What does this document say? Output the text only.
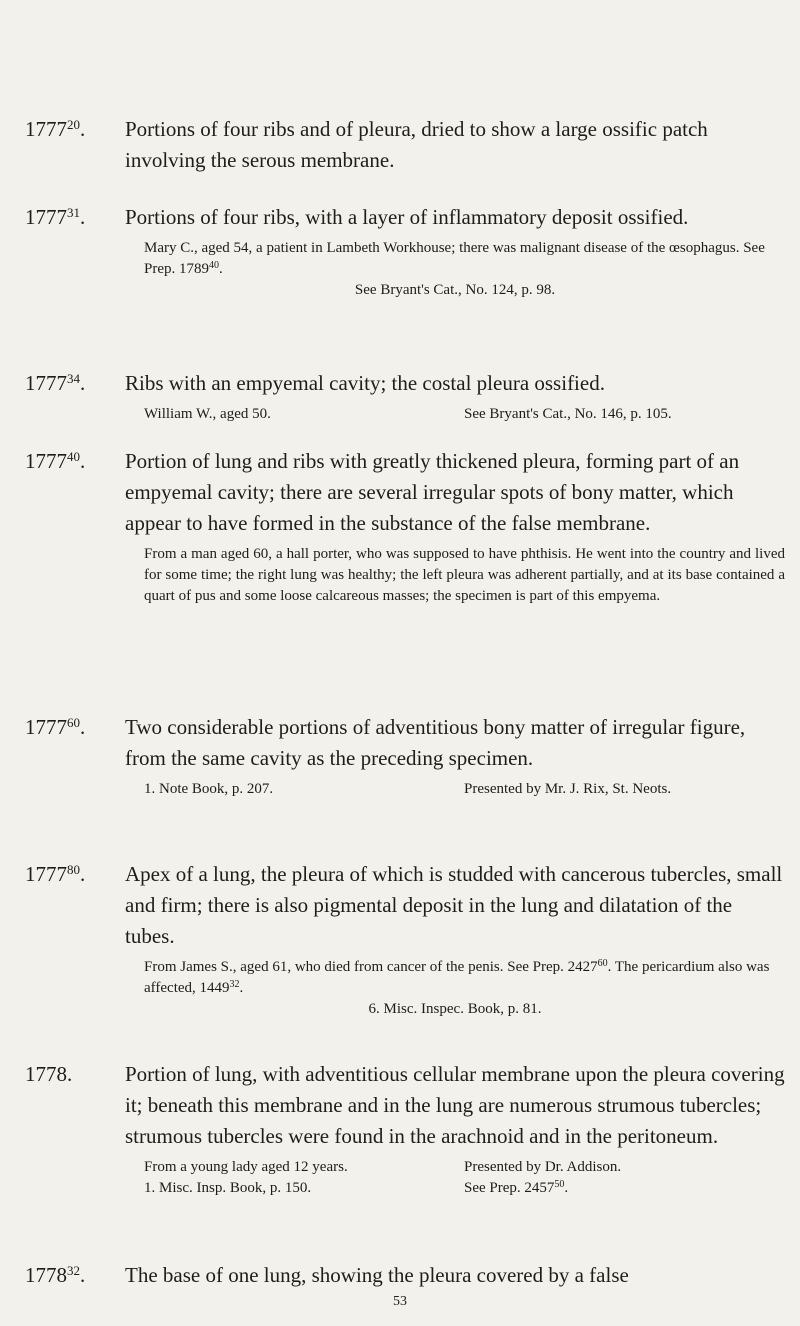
1777$^{20}$. Portions of four ribs and of pleura, dried to show a large ossific patch involving the serous membrane.

1777$^{31}$. Portions of four ribs, with a layer of inflammatory deposit ossified.

Mary C., aged 54, a patient in Lambeth Workhouse; there was malignant disease of the œsophagus. See Prep. 1789$^{40}$.
See Bryant's Cat., No. 124, p. 98.
1777$^{34}$. Ribs with an empyemal cavity; the costal pleura ossified.

William W., aged 50.	See Bryant's Cat., No. 146, p. 105.
1777$^{40}$. Portion of lung and ribs with greatly thickened pleura, forming part of an empyemal cavity; there are several irregular spots of bony matter, which appear to have formed in the substance of the false membrane.

From a man aged 60, a hall porter, who was supposed to have phthisis. He went into the country and lived for some time; the right lung was healthy; the left pleura was adherent partially, and at its base contained a quart of pus and some loose calcareous masses; the specimen is part of this empyema.
1777$^{60}$. Two considerable portions of adventitious bony matter of irregular figure, from the same cavity as the preceding specimen.

1. Note Book, p. 207.	Presented by Mr. J. Rix, St. Neots.
1777$^{80}$. Apex of a lung, the pleura of which is studded with cancerous tubercles, small and firm; there is also pigmental deposit in the lung and dilatation of the tubes.

From James S., aged 61, who died from cancer of the penis. See Prep. 2427$^{60}$. The pericardium also was affected, 1449$^{32}$.
6. Misc. Inspec. Book, p. 81.
1778.	Portion of lung, with adventitious cellular membrane upon the pleura covering it; beneath this membrane and in the lung are numerous strumous tubercles; strumous tubercles were found in the arachnoid and in the peritoneum.

From a young lady aged 12 years.	Presented by Dr. Addison.
1. Misc. Insp. Book, p. 150.	See Prep. 2457$^{50}$.
1778$^{32}$. The base of one lung, showing the pleura covered by a false

53
